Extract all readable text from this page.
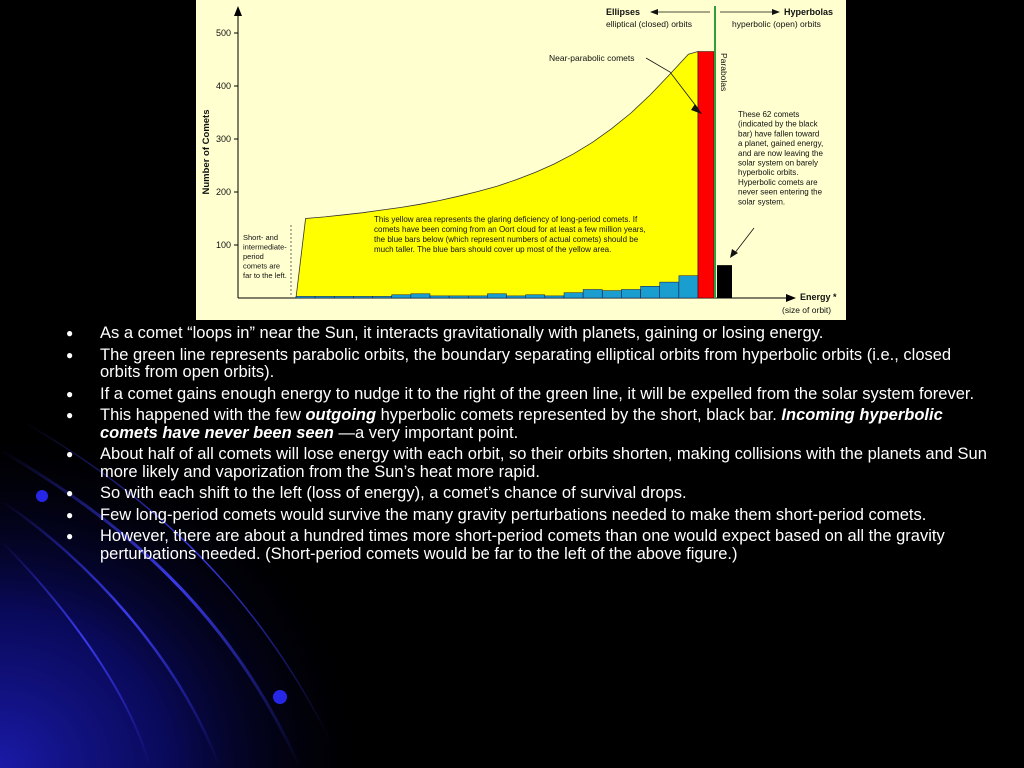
100
200
300
400
500
Number of Comets
Energy *
(size of orbit)
Ellipses
elliptical (closed) orbits
Hyperbolas
hyperbolic (open) orbits
Parabolas
Near-parabolic comets
These 62 comets
(indicated by the black
bar) have fallen toward
a planet, gained energy,
and are now leaving the
solar system on barely
hyperbolic orbits.
Hyperbolic comets are
never seen entering the
solar system.
This yellow area represents the glaring deficiency of long-period comets. If
comets have been coming from an Oort cloud for at least a few million years,
the blue bars below (which represent numbers of actual comets) should be
much taller. The blue bars should cover up most of the yellow area.
Short- and
intermediate-
period
comets are
far to the left.
● As a comet “loops in” near the Sun, it interacts gravitationally with planets, gaining or losing energy.
● The green line represents parabolic orbits, the boundary separating elliptical orbits from hyperbolic orbits (i.e., closed orbits from open orbits).
● If a comet gains enough energy to nudge it to the right of the green line, it will be expelled from the solar system forever.
● This happened with the few outgoing hyperbolic comets represented by the short, black bar. Incoming hyperbolic comets have never been seen —a very important point.
● About half of all comets will lose energy with each orbit, so their orbits shorten, making collisions with the planets and Sun more likely and vaporization from the Sun’s heat more rapid.
● So with each shift to the left (loss of energy), a comet’s chance of survival drops.
● Few long-period comets would survive the many gravity perturbations needed to make them short-period comets.
● However, there are about a hundred times more short-period comets than one would expect based on all the gravity perturbations needed. (Short-period comets would be far to the left of the above figure.)
